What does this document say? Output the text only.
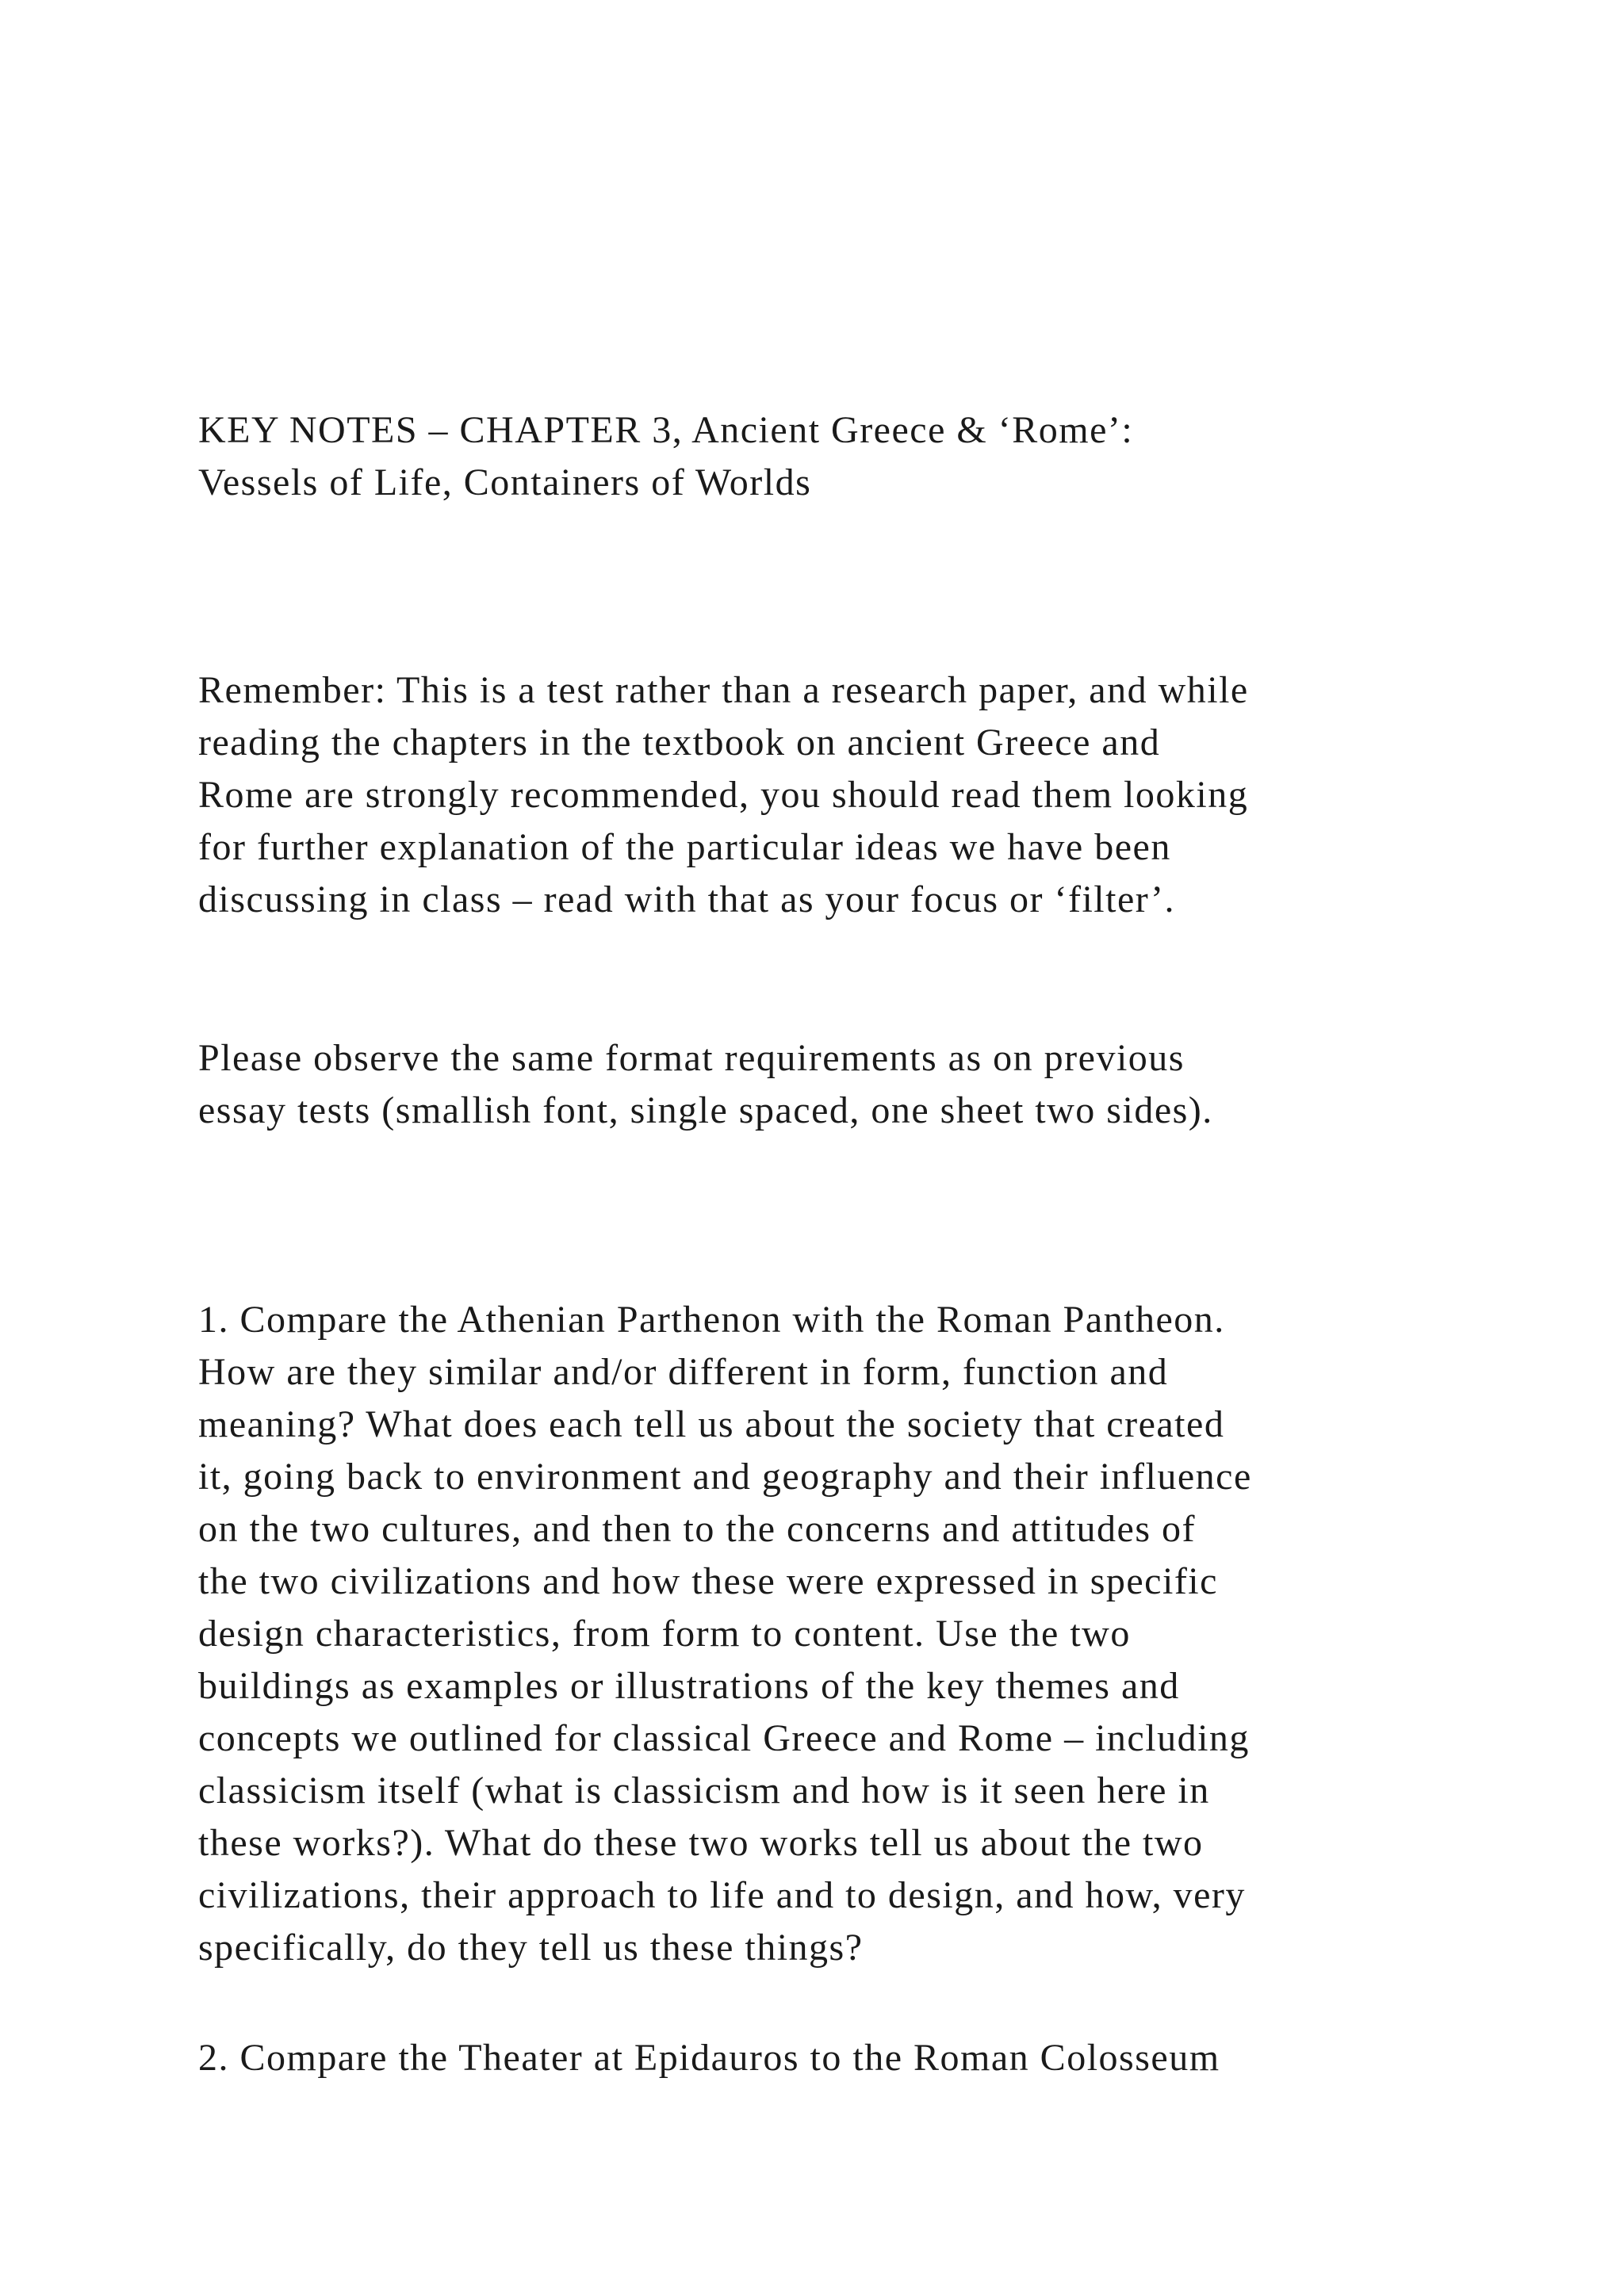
KEY NOTES – CHAPTER 3, Ancient Greece & ‘Rome’:
Vessels of Life, Containers of Worlds

Remember: This is a test rather than a research paper, and while
reading the chapters in the textbook on ancient Greece and
Rome are strongly recommended, you should read them looking
for further explanation of the particular ideas we have been
discussing in class – read with that as your focus or ‘filter’.

Please observe the same format requirements as on previous
essay tests (smallish font, single spaced, one sheet two sides).

1. Compare the Athenian Parthenon with the Roman Pantheon.
How are they similar and/or different in form, function and
meaning? What does each tell us about the society that created
it, going back to environment and geography and their influence
on the two cultures, and then to the concerns and attitudes of
the two civilizations and how these were expressed in specific
design characteristics, from form to content. Use the two
buildings as examples or illustrations of the key themes and
concepts we outlined for classical Greece and Rome – including
classicism itself (what is classicism and how is it seen here in
these works?). What do these two works tell us about the two
civilizations, their approach to life and to design, and how, very
specifically, do they tell us these things?

2. Compare the Theater at Epidauros to the Roman Colosseum
